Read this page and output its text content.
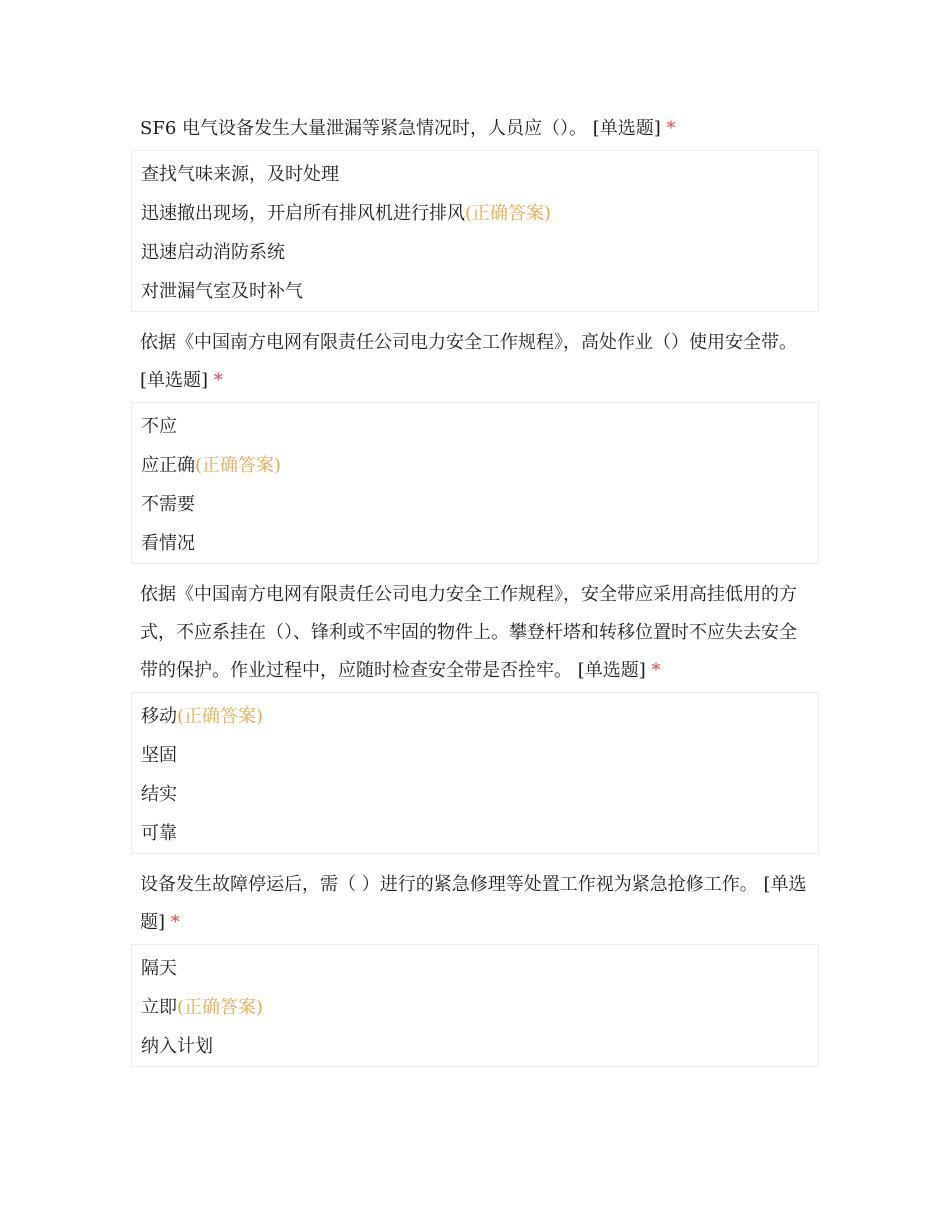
SF6 电气设备发生大量泄漏等紧急情况时，人员应（）。 [单选题] *
查找气味来源，及时处理
迅速撤出现场，开启所有排风机进行排风(正确答案)
迅速启动消防系统
对泄漏气室及时补气
依据《中国南方电网有限责任公司电力安全工作规程》，高处作业（）使用安全带。 [单选题] *
不应
应正确(正确答案)
不需要
看情况
依据《中国南方电网有限责任公司电力安全工作规程》，安全带应采用高挂低用的方式，不应系挂在（）、锋利或不牢固的物件上。攀登杆塔和转移位置时不应失去安全带的保护。作业过程中，应随时检查安全带是否拴牢。 [单选题] *
移动(正确答案)
坚固
结实
可靠
设备发生故障停运后，需（ ）进行的紧急修理等处置工作视为紧急抢修工作。 [单选题] *
隔天
立即(正确答案)
纳入计划
